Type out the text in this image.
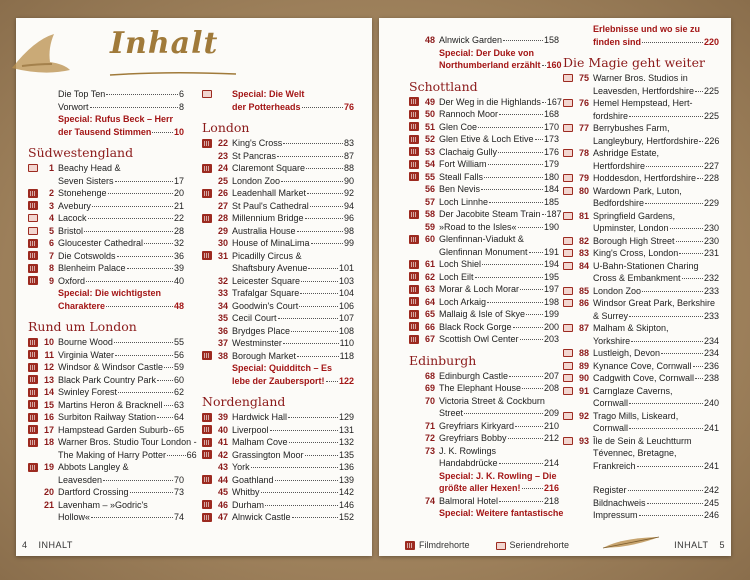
Inhalt
Die Top Ten	6
Vorwort	8
Special: Rufus Beck – Herr
der Tausend Stimmen	10
Südwestengland
1 Beachy Head &
Seven Sisters	17
2 Stonehenge	20
3 Avebury	21
4 Lacock	22
5 Bristol	28
6 Gloucester Cathedral	32
7 Die Cotswolds	36
8 Blenheim Palace	39
9 Oxford	40
Special: Die wichtigsten
Charaktere	48
Rund um London
10 Bourne Wood	55
11 Virginia Water	56
12 Windsor & Windsor Castle 59
13 Black Park Country Park 60
14 Swinley Forest	62
15 Martins Heron & Bracknell 63
16 Surbiton Railway Station 64
17 Hampstead Garden Suburb 65
18 Warner Bros. Studio Tour London -
The Making of Harry Potter 66
19 Abbots Langley &
Leavesden	70
20 Dartford Crossing	73
21 Lavenham – »Godric's
Hollow«	74
Special: Die Welt
der Potterheads	76
London
22 King's Cross	83
23 St Pancras	87
24 Claremont Square	88
25 London Zoo	90
26 Leadenhall Market	92
27 St Paul's Cathedral	94
28 Millennium Bridge	96
29 Australia House	98
30 House of MinaLima	99
31 Picadilly Circus &
Shaftsbury Avenue	101
32 Leicester Square	103
33 Trafalgar Square	104
34 Goodwin's Court	106
35 Cecil Court	107
36 Brydges Place	108
37 Westminster	110
38 Borough Market	118
Special: Quidditch – Es
lebe der Zaubersport! 122
Nordengland
39 Hardwick Hall	129
40 Liverpool	131
41 Malham Cove	132
42 Grassington Moor	135
43 York	136
44 Goathland	139
45 Whitby	142
46 Durham	146
47 Alnwick Castle	152
4 INHALT
48 Alnwick Garden	158
Special: Der Duke von
Northumberland erzählt 160
Schottland
49 Der Weg in die Highlands 167
50 Rannoch Moor	168
51 Glen Coe	170
52 Glen Etive & Loch Etive 173
53 Clachaig Gully	176
54 Fort William	179
55 Steall Falls	180
56 Ben Nevis	184
57 Loch Linnhe	185
58 Der Jacobite Steam Train 187
59 »Road to the Isles«	190
60 Glenfinnan-Viadukt &
Glenfinnan Monument 191
61 Loch Shiel	194
62 Loch Eilt	195
63 Morar & Loch Morar	197
64 Loch Arkaig	198
65 Mallaig & Isle of Skye 199
66 Black Rock Gorge	200
67 Scottish Owl Center	203
Edinburgh
68 Edinburgh Castle	207
69 The Elephant House	208
70 Victoria Street & Cockburn
Street	209
71 Greyfriars Kirkyard	210
72 Greyfriars Bobby	212
73 J. K. Rowlings
Handabdrücke	214
Special: J. K. Rowling – Die
größte aller Hexen!	216
74 Balmoral Hotel	218
Special: Weitere fantastische
Erlebnisse und wo sie zu
finden sind	220
Die Magie geht weiter
75 Warner Bros. Studios in
Leavesden, Hertfordshire 225
76 Hemel Hempstead, Hert-
fordshire	225
77 Berrybushes Farm,
Langleybury, Hertfordshire 226
78 Ashridge Estate,
Hertfordshire	227
79 Hoddesdon, Hertfordshire 228
80 Wardown Park, Luton,
Bedfordshire	229
81 Springfield Gardens,
Upminster, London	230
82 Borough High Street	230
83 King's Cross, London	231
84 U-Bahn-Stationen Charing
Cross & Embankment	232
85 London Zoo	233
86 Windsor Great Park, Berkshire
& Surrey	233
87 Malham & Skipton,
Yorkshire	234
88 Lustleigh, Devon	234
89 Kynance Cove, Cornwall 236
90 Cadgwith Cove, Cornwall 238
91 Carnglaze Caverns,
Cornwall	240
92 Trago Mills, Liskeard,
Cornwall	241
93 Île de Sein & Leuchtturm
Tévennec, Bretagne,
Frankreich	241
Register	242
Bildnachweis	245
Impressum	246
Filmdrehorte	Seriendrehorte	INHALT 5
